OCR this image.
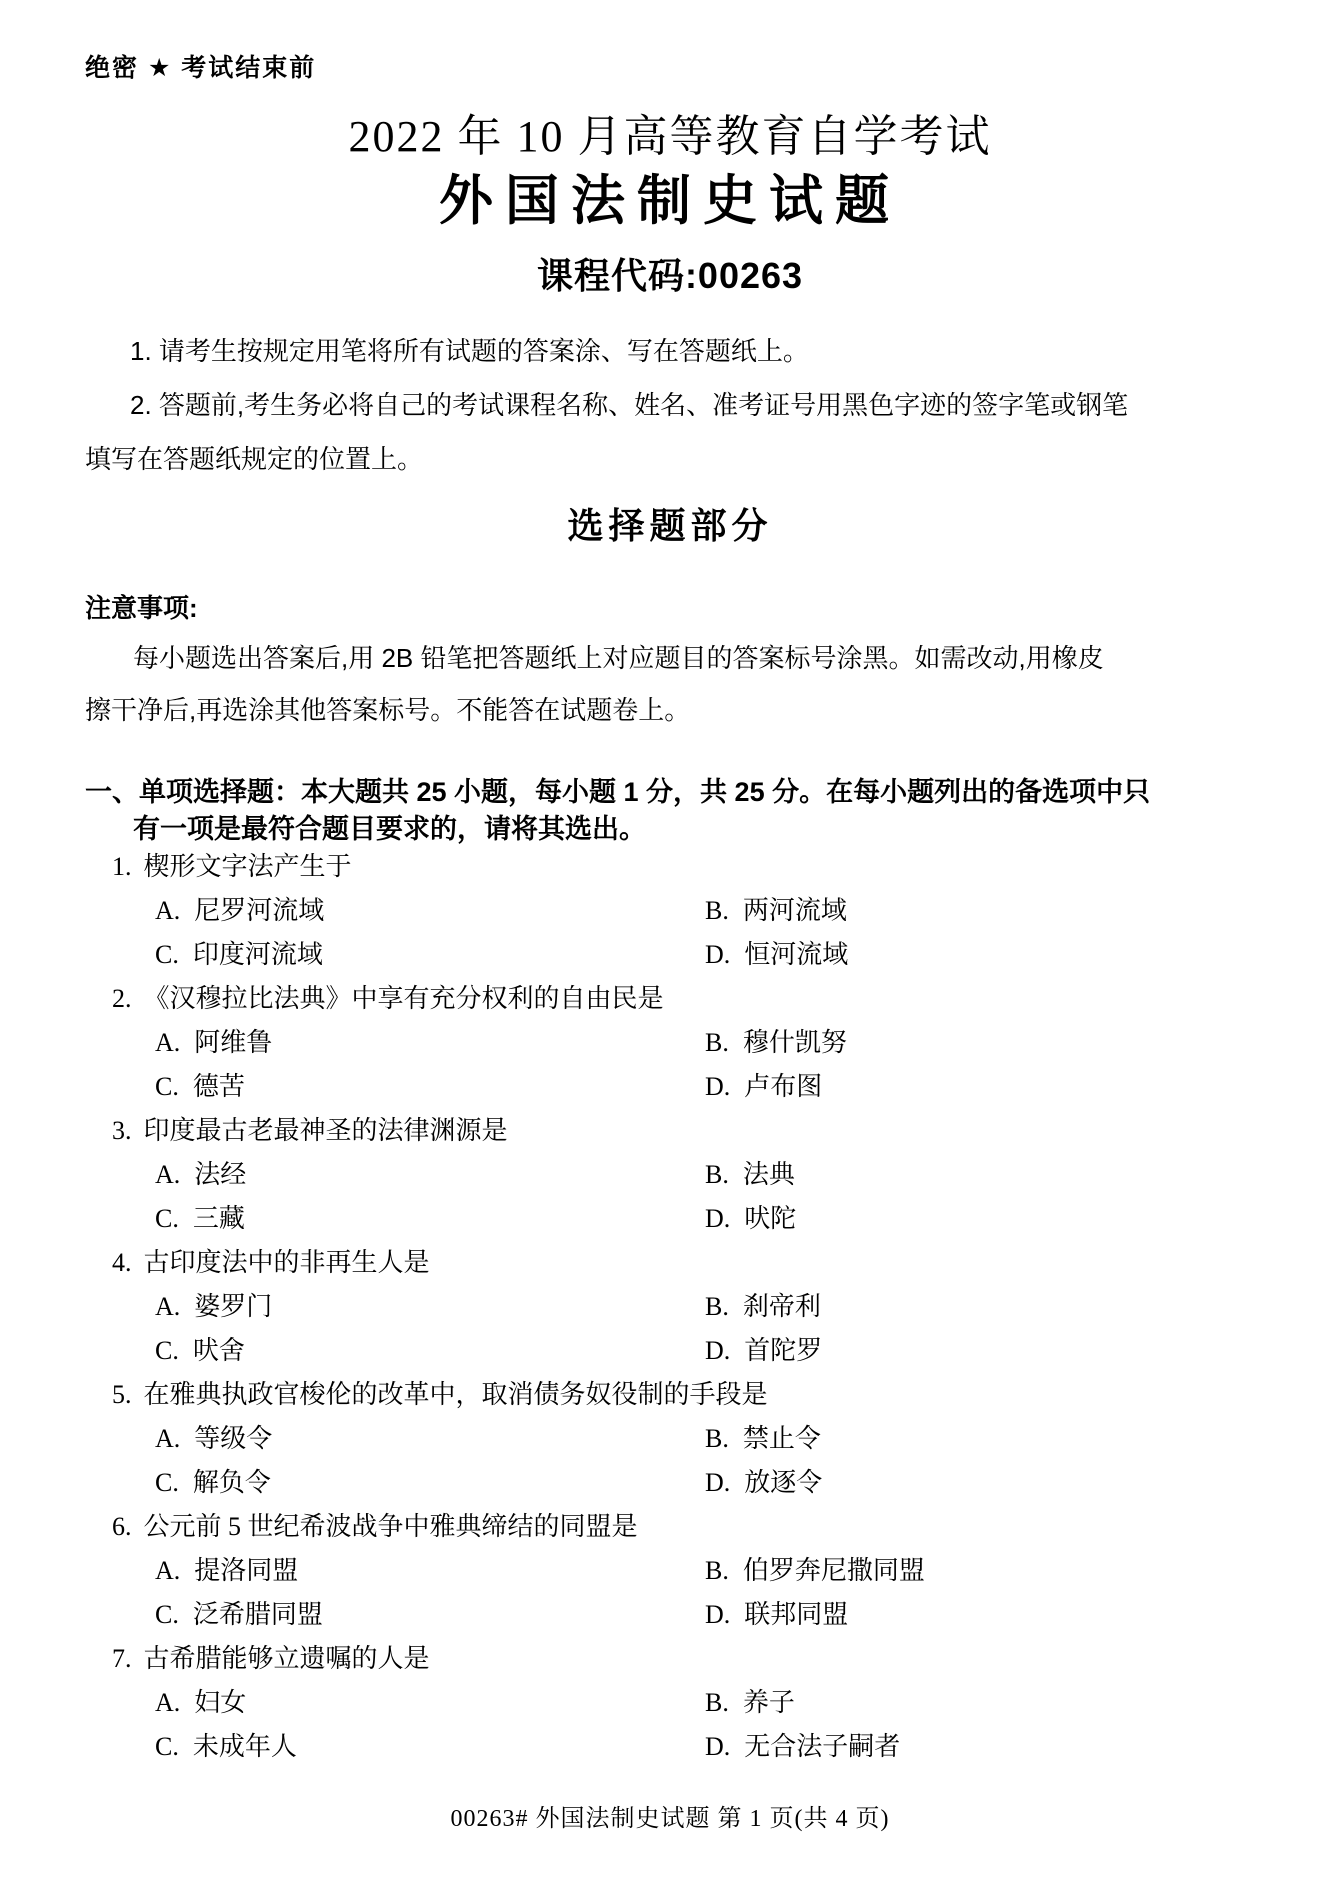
绝密 ★ 考试结束前
2022 年 10 月高等教育自学考试
外国法制史试题
课程代码:00263
1. 请考生按规定用笔将所有试题的答案涂、写在答题纸上。
2. 答题前,考生务必将自己的考试课程名称、姓名、准考证号用黑色字迹的签字笔或钢笔
填写在答题纸规定的位置上。
选择题部分
注意事项:
每小题选出答案后,用 2B 铅笔把答题纸上对应题目的答案标号涂黑。如需改动,用橡皮
擦干净后,再选涂其他答案标号。不能答在试题卷上。
一、单项选择题：本大题共 25 小题，每小题 1 分，共 25 分。在每小题列出的备选项中只
有一项是最符合题目要求的，请将其选出。
1. 楔形文字法产生于
A. 尼罗河流域	B. 两河流域
C. 印度河流域	D. 恒河流域
2. 《汉穆拉比法典》中享有充分权利的自由民是
A. 阿维鲁	B. 穆什凯努
C. 德苦	D. 卢布图
3. 印度最古老最神圣的法律渊源是
A. 法经	B. 法典
C. 三藏	D. 吠陀
4. 古印度法中的非再生人是
A. 婆罗门	B. 刹帝利
C. 吠舍	D. 首陀罗
5. 在雅典执政官梭伦的改革中，取消债务奴役制的手段是
A. 等级令	B. 禁止令
C. 解负令	D. 放逐令
6. 公元前 5 世纪希波战争中雅典缔结的同盟是
A. 提洛同盟	B. 伯罗奔尼撒同盟
C. 泛希腊同盟	D. 联邦同盟
7. 古希腊能够立遗嘱的人是
A. 妇女	B. 养子
C. 未成年人	D. 无合法子嗣者
00263# 外国法制史试题 第 1 页(共 4 页)
